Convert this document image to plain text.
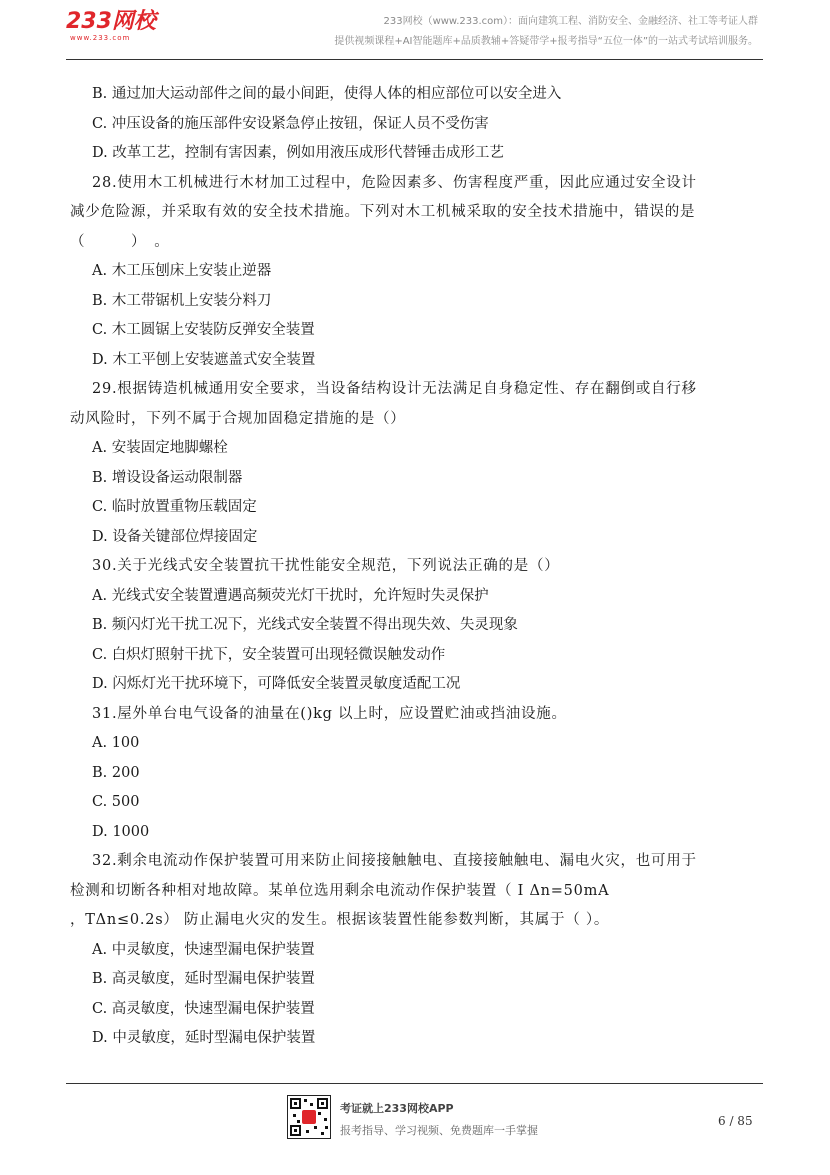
233网校
www.233.com
233网校（www.233.com）：面向建筑工程、消防安全、金融经济、社工等考证人群
提供视频课程+AI智能题库+品质教辅+答疑带学+报考指导“五位一体”的一站式考试培训服务。
B. 通过加大运动部件之间的最小间距，使得人体的相应部位可以安全进入
C. 冲压设备的施压部件安设紧急停止按钮，保证人员不受伤害
D. 改革工艺，控制有害因素，例如用液压成形代替锤击成形工艺
28.使用木工机械进行木材加工过程中，危险因素多、伤害程度严重，因此应通过安全设计
减少危险源，并采取有效的安全技术措施。下列对木工机械采取的安全技术措施中，错误的是
（　　　）　。
A. 木工压刨床上安装止逆器
B. 木工带锯机上安装分料刀
C. 木工圆锯上安装防反弹安全装置
D. 木工平刨上安装遮盖式安全装置
29.根据铸造机械通用安全要求，当设备结构设计无法满足自身稳定性、存在翻倒或自行移
动风险时，下列不属于合规加固稳定措施的是（）
A. 安装固定地脚螺栓
B. 增设设备运动限制器
C. 临时放置重物压载固定
D. 设备关键部位焊接固定
30.关于光线式安全装置抗干扰性能安全规范，下列说法正确的是（）
A. 光线式安全装置遭遇高频荧光灯干扰时，允许短时失灵保护
B. 频闪灯光干扰工况下，光线式安全装置不得出现失效、失灵现象
C. 白炽灯照射干扰下，安全装置可出现轻微误触发动作
D. 闪烁灯光干扰环境下，可降低安全装置灵敏度适配工况
31.屋外单台电气设备的油量在()kg 以上时，应设置贮油或挡油设施。
A. 100
B. 200
C. 500
D. 1000
32.剩余电流动作保护装置可用来防止间接接触触电、直接接触触电、漏电火灾，也可用于
检测和切断各种相对地故障。某单位选用剩余电流动作保护装置（ I Δn=50mA
，TΔn≤0.2s） 防止漏电火灾的发生。根据该装置性能参数判断，其属于（ ）。
A. 中灵敏度，快速型漏电保护装置
B. 高灵敏度，延时型漏电保护装置
C. 高灵敏度，快速型漏电保护装置
D. 中灵敏度，延时型漏电保护装置
考证就上233网校APP
报考指导、学习视频、免费题库一手掌握
6 / 85
